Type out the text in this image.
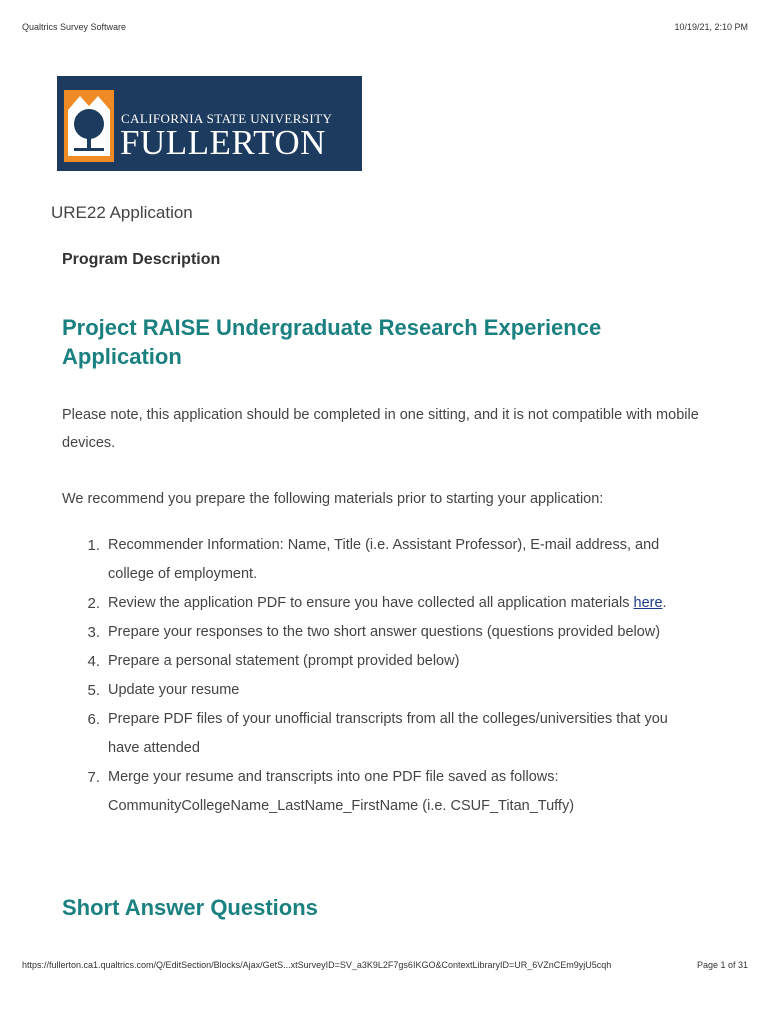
Qualtrics Survey Software	10/19/21, 2:10 PM
CALIFORNIA STATE UNIVERSITY
FULLERTON
URE22 Application
Program Description
Project RAISE Undergraduate Research Experience Application
Please note, this application should be completed in one sitting, and it is not compatible with mobile devices.
We recommend you prepare the following materials prior to starting your application:
1. Recommender Information: Name, Title (i.e. Assistant Professor), E-mail address, and college of employment.
2. Review the application PDF to ensure you have collected all application materials here.
3. Prepare your responses to the two short answer questions (questions provided below)
4. Prepare a personal statement (prompt provided below)
5. Update your resume
6. Prepare PDF files of your unofficial transcripts from all the colleges/universities that you have attended
7. Merge your resume and transcripts into one PDF file saved as follows: CommunityCollegeName_LastName_FirstName (i.e. CSUF_Titan_Tuffy)
Short Answer Questions
https://fullerton.ca1.qualtrics.com/Q/EditSection/Blocks/Ajax/GetS...xtSurveyID=SV_a3K9L2F7gs6IKGO&ContextLibraryID=UR_6VZnCEm9yjU5cqh	Page 1 of 31
